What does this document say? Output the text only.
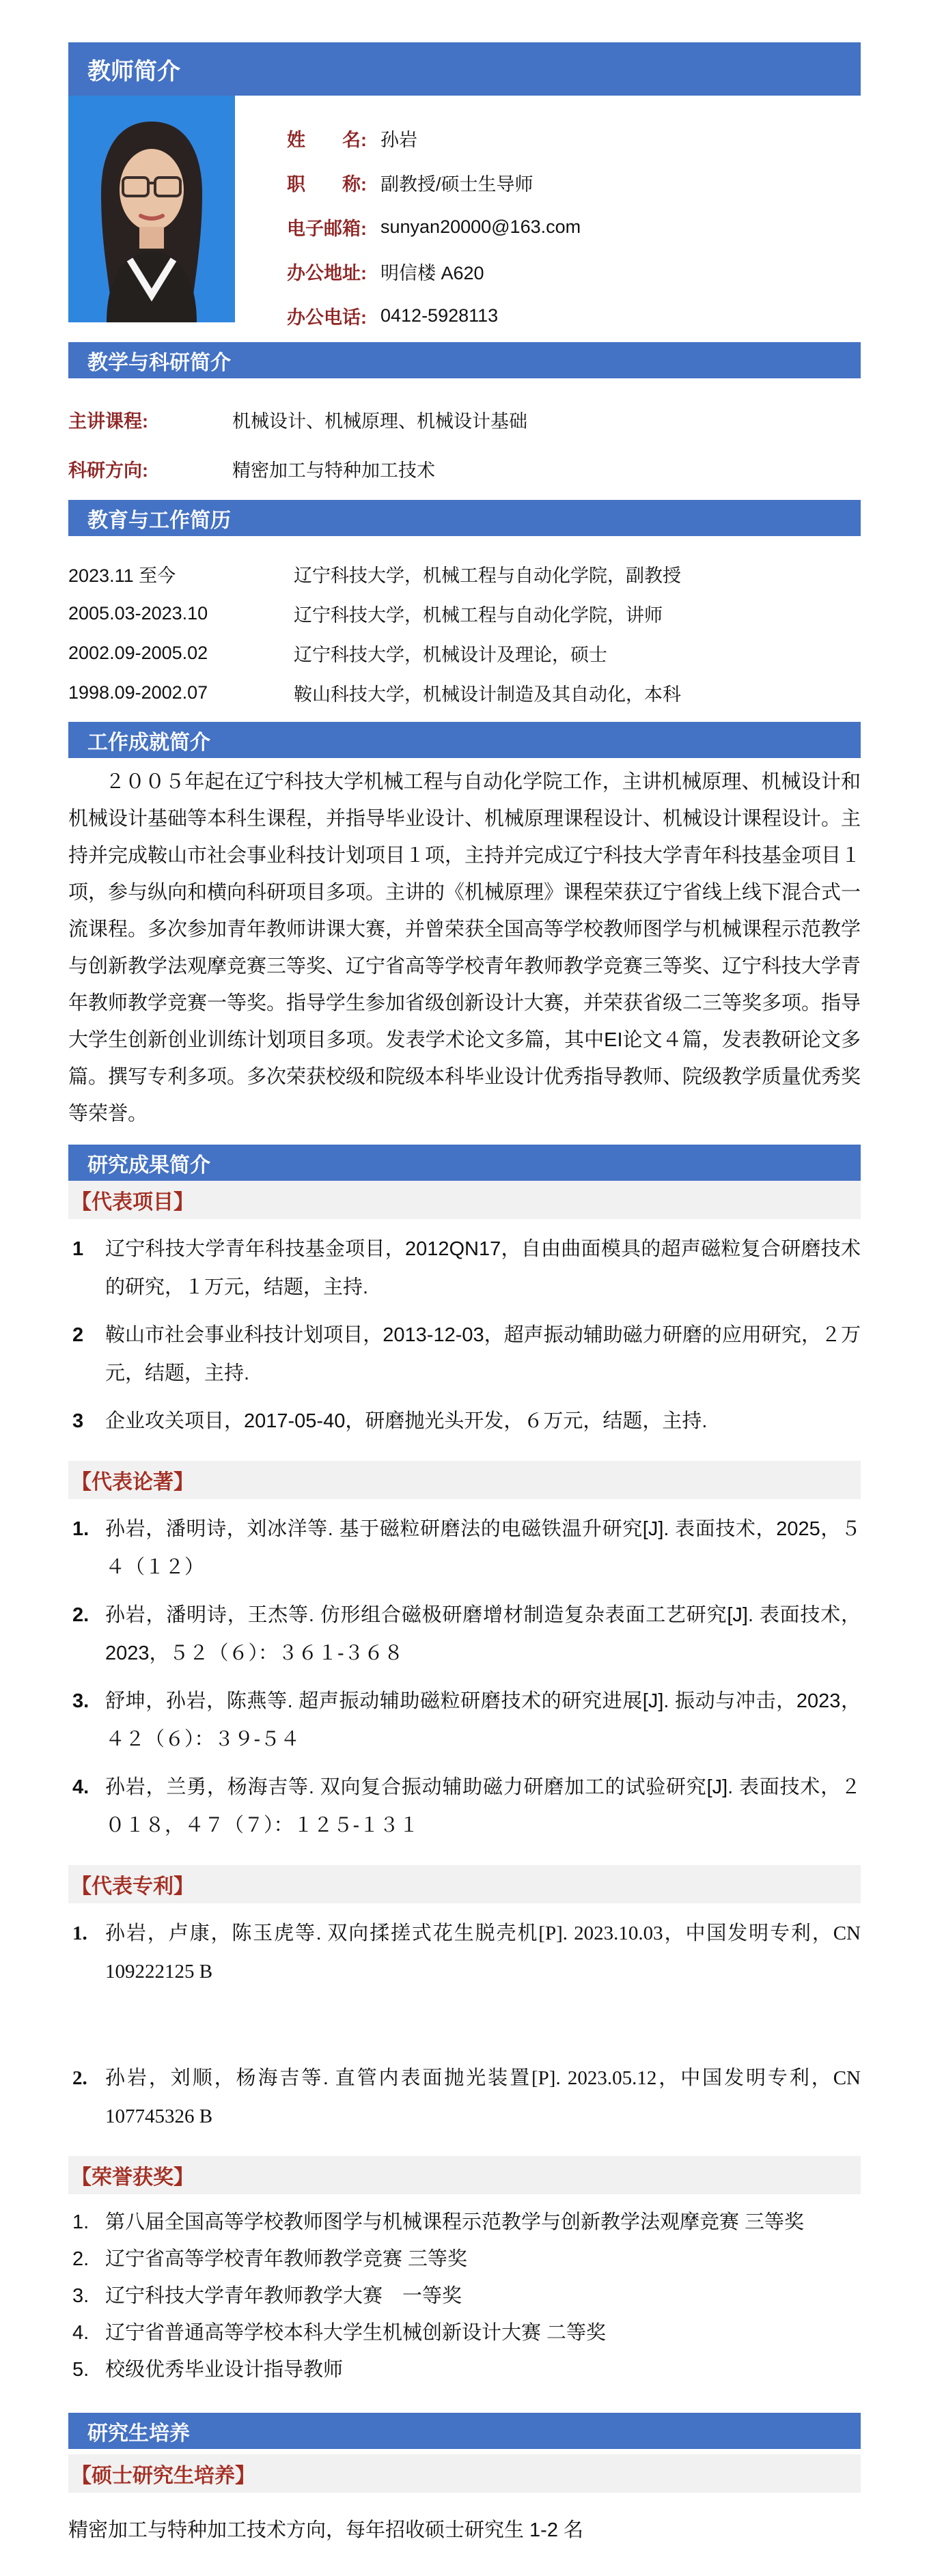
教师简介
姓　　名: 孙岩
职　　称: 副教授/硕士生导师
电子邮箱: sunyan20000@163.com
办公地址: 明信楼 A620
办公电话: 0412-5928113
教学与科研简介
主讲课程:	机械设计、机械原理、机械设计基础
科研方向:	精密加工与特种加工技术
教育与工作简历
2023.11 至今	辽宁科技大学，机械工程与自动化学院，副教授
2005.03-2023.10	辽宁科技大学，机械工程与自动化学院，讲师
2002.09-2005.02	辽宁科技大学，机械设计及理论，硕士
1998.09-2002.07	鞍山科技大学，机械设计制造及其自动化，本科
工作成就简介

２００５年起在辽宁科技大学机械工程与自动化学院工作，主讲机械原理、机械设计和机械设计基础等本科生课程，并指导毕业设计、机械原理课程设计、机械设计课程设计。主持并完成鞍山市社会事业科技计划项目１项，主持并完成辽宁科技大学青年科技基金项目１项，参与纵向和横向科研项目多项。主讲的《机械原理》课程荣获辽宁省线上线下混合式一流课程。多次参加青年教师讲课大赛，并曾荣获全国高等学校教师图学与机械课程示范教学与创新教学法观摩竞赛三等奖、辽宁省高等学校青年教师教学竞赛三等奖、辽宁科技大学青年教师教学竞赛一等奖。指导学生参加省级创新设计大赛，并荣获省级二三等奖多项。指导大学生创新创业训练计划项目多项。发表学术论文多篇，其中EI论文４篇，发表教研论文多篇。撰写专利多项。多次荣获校级和院级本科毕业设计优秀指导教师、院级教学质量优秀奖等荣誉。

研究成果简介
【代表项目】
1 辽宁科技大学青年科技基金项目，2012QN17，自由曲面模具的超声磁粒复合研磨技术的研究，１万元，结题，主持.
2 鞍山市社会事业科技计划项目，2013-12-03，超声振动辅助磁力研磨的应用研究，２万元，结题，主持.
3 企业攻关项目，2017-05-40，研磨抛光头开发，６万元，结题，主持.
【代表论著】
1. 孙岩，潘明诗，刘冰洋等. 基于磁粒研磨法的电磁铁温升研究[J]. 表面技术，2025，５４（１２）
2. 孙岩，潘明诗，王杰等. 仿形组合磁极研磨增材制造复杂表面工艺研究[J]. 表面技术，2023，５２（６）：３６１-３６８
3. 舒坤，孙岩，陈燕等. 超声振动辅助磁粒研磨技术的研究进展[J]. 振动与冲击，2023，４２（６）：３９-５４
4. 孙岩，兰勇，杨海吉等. 双向复合振动辅助磁力研磨加工的试验研究[J]. 表面技术，２０１８，４７（７）：１２５-１３１
【代表专利】
1. 孙岩，卢康，陈玉虎等. 双向揉搓式花生脱壳机[P]. 2023.10.03，中国发明专利，CN 109222125 B
2. 孙岩，刘顺，杨海吉等. 直管内表面抛光装置[P]. 2023.05.12，中国发明专利，CN 107745326 B
【荣誉获奖】
1. 第八届全国高等学校教师图学与机械课程示范教学与创新教学法观摩竞赛 三等奖
2. 辽宁省高等学校青年教师教学竞赛 三等奖
3. 辽宁科技大学青年教师教学大赛　一等奖
4. 辽宁省普通高等学校本科大学生机械创新设计大赛 二等奖
5. 校级优秀毕业设计指导教师
研究生培养
【硕士研究生培养】
精密加工与特种加工技术方向，每年招收硕士研究生 1-2 名
